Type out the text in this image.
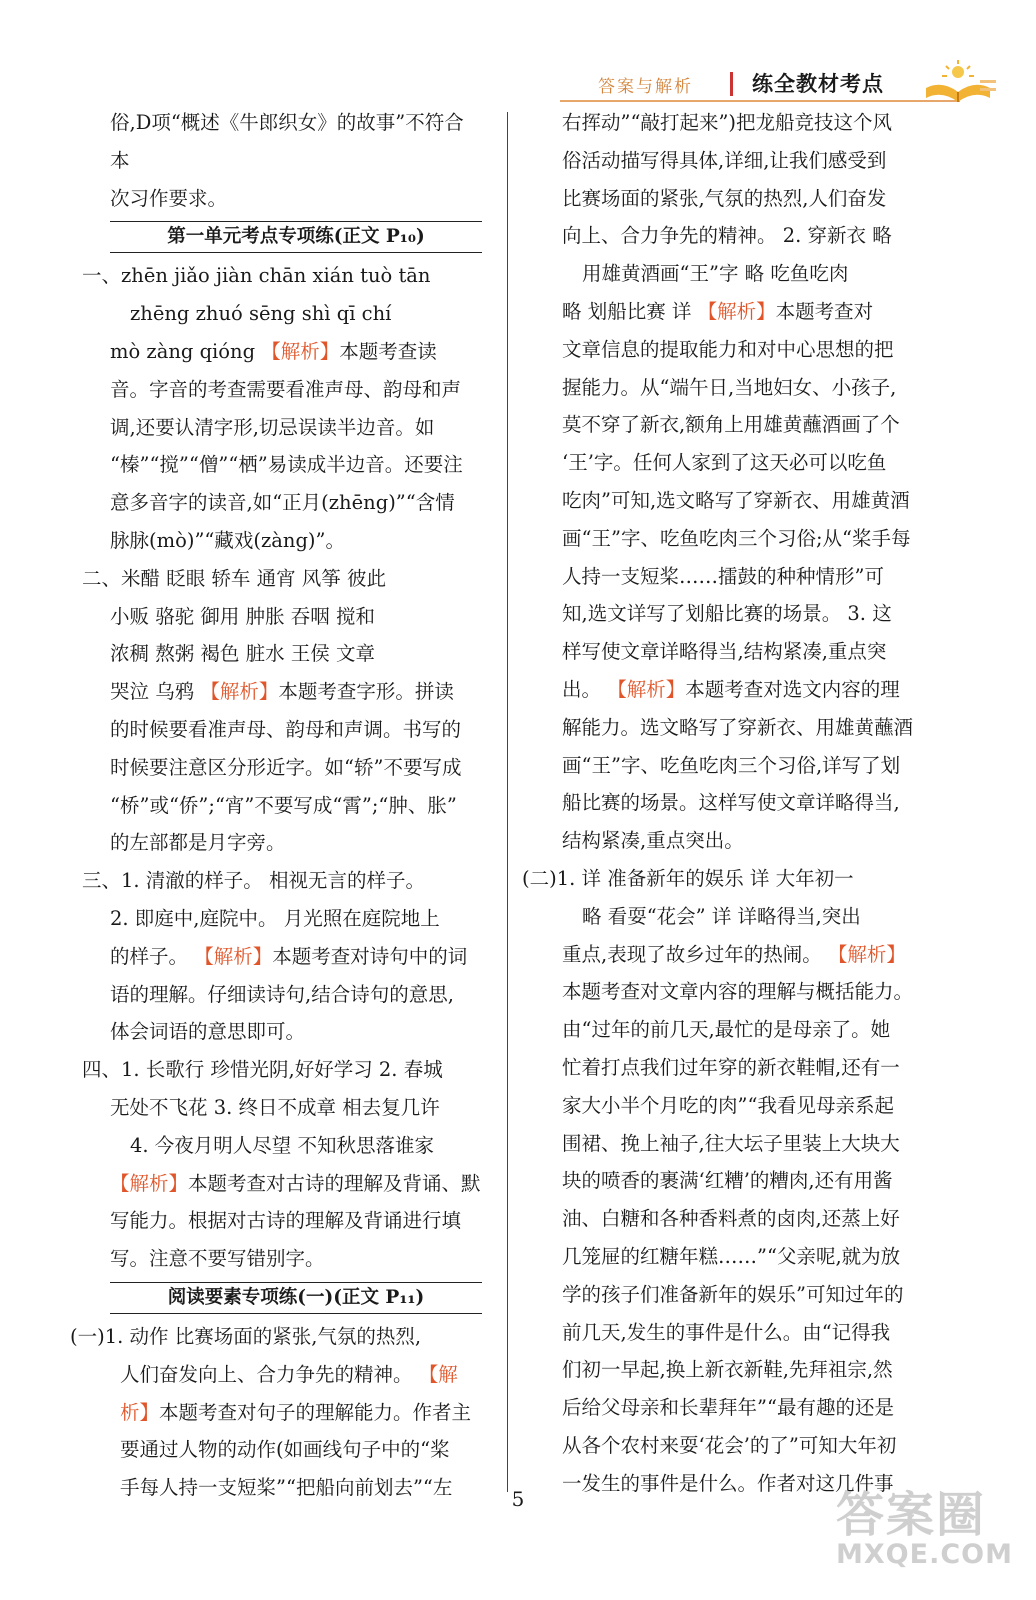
答案与解析	练全教材考点

俗,D项“概述《牛郎织女》的故事”不符合本

次习作要求。

第一单元考点专项练(正文 P₁₀)

一、zhēn jiǎo jiàn chān xián tuò tān

zhēng zhuó sēng shì qī chí

mò zàng qióng 【解析】本题考查读

音。字音的考查需要看准声母、韵母和声

调,还要认清字形,切忌误读半边音。如

“榛”“搅”“僧”“栖”易读成半边音。还要注

意多音字的读音,如“正月(zhēng)”“含情

脉脉(mò)”“藏戏(zàng)”。

二、米醋 眨眼 轿车 通宵 风筝 彼此

小贩 骆驼 御用 肿胀 吞咽 搅和

浓稠 熬粥 褐色 脏水 王侯 文章

哭泣 乌鸦 【解析】本题考查字形。拼读

的时候要看准声母、韵母和声调。书写的

时候要注意区分形近字。如“轿”不要写成

“桥”或“侨”;“宵”不要写成“霄”;“肿、胀”

的左部都是月字旁。

三、1. 清澈的样子。 相视无言的样子。

2. 即庭中,庭院中。 月光照在庭院地上

的样子。 【解析】本题考查对诗句中的词

语的理解。仔细读诗句,结合诗句的意思,

体会词语的意思即可。

四、1. 长歌行 珍惜光阴,好好学习 2. 春城

无处不飞花 3. 终日不成章 相去复几许

4. 今夜月明人尽望 不知秋思落谁家

【解析】本题考查对古诗的理解及背诵、默

写能力。根据对古诗的理解及背诵进行填

写。注意不要写错别字。

阅读要素专项练(一)(正文 P₁₁)

(一)1. 动作 比赛场面的紧张,气氛的热烈,

人们奋发向上、合力争先的精神。 【解

析】本题考查对句子的理解能力。作者主

要通过人物的动作(如画线句子中的“桨

手每人持一支短桨”“把船向前划去”“左

右挥动”“敲打起来”)把龙船竞技这个风

俗活动描写得具体,详细,让我们感受到

比赛场面的紧张,气氛的热烈,人们奋发

向上、合力争先的精神。 2. 穿新衣 略

用雄黄酒画“王”字 略 吃鱼吃肉

略 划船比赛 详 【解析】本题考查对

文章信息的提取能力和对中心思想的把

握能力。从“端午日,当地妇女、小孩子,

莫不穿了新衣,额角上用雄黄蘸酒画了个

‘王’字。任何人家到了这天必可以吃鱼

吃肉”可知,选文略写了穿新衣、用雄黄酒

画“王”字、吃鱼吃肉三个习俗;从“桨手每

人持一支短桨……擂鼓的种种情形”可

知,选文详写了划船比赛的场景。 3. 这

样写使文章详略得当,结构紧凑,重点突

出。 【解析】本题考查对选文内容的理

解能力。选文略写了穿新衣、用雄黄蘸酒

画“王”字、吃鱼吃肉三个习俗,详写了划

船比赛的场景。这样写使文章详略得当,

结构紧凑,重点突出。

(二)1. 详 准备新年的娱乐 详 大年初一

略 看耍“花会” 详 详略得当,突出

重点,表现了故乡过年的热闹。 【解析】

本题考查对文章内容的理解与概括能力。

由“过年的前几天,最忙的是母亲了。她

忙着打点我们过年穿的新衣鞋帽,还有一

家大小半个月吃的肉”“我看见母亲系起

围裙、挽上袖子,往大坛子里装上大块大

块的喷香的裹满‘红糟’的糟肉,还有用酱

油、白糖和各种香料煮的卤肉,还蒸上好

几笼屉的红糖年糕……”“父亲呢,就为放

学的孩子们准备新年的娱乐”可知过年的

前几天,发生的事件是什么。由“记得我

们初一早起,换上新衣新鞋,先拜祖宗,然

后给父母亲和长辈拜年”“最有趣的还是

从各个农村来耍‘花会’的了”可知大年初

一发生的事件是什么。作者对这几件事

5	答案圈
MXQE.COM
